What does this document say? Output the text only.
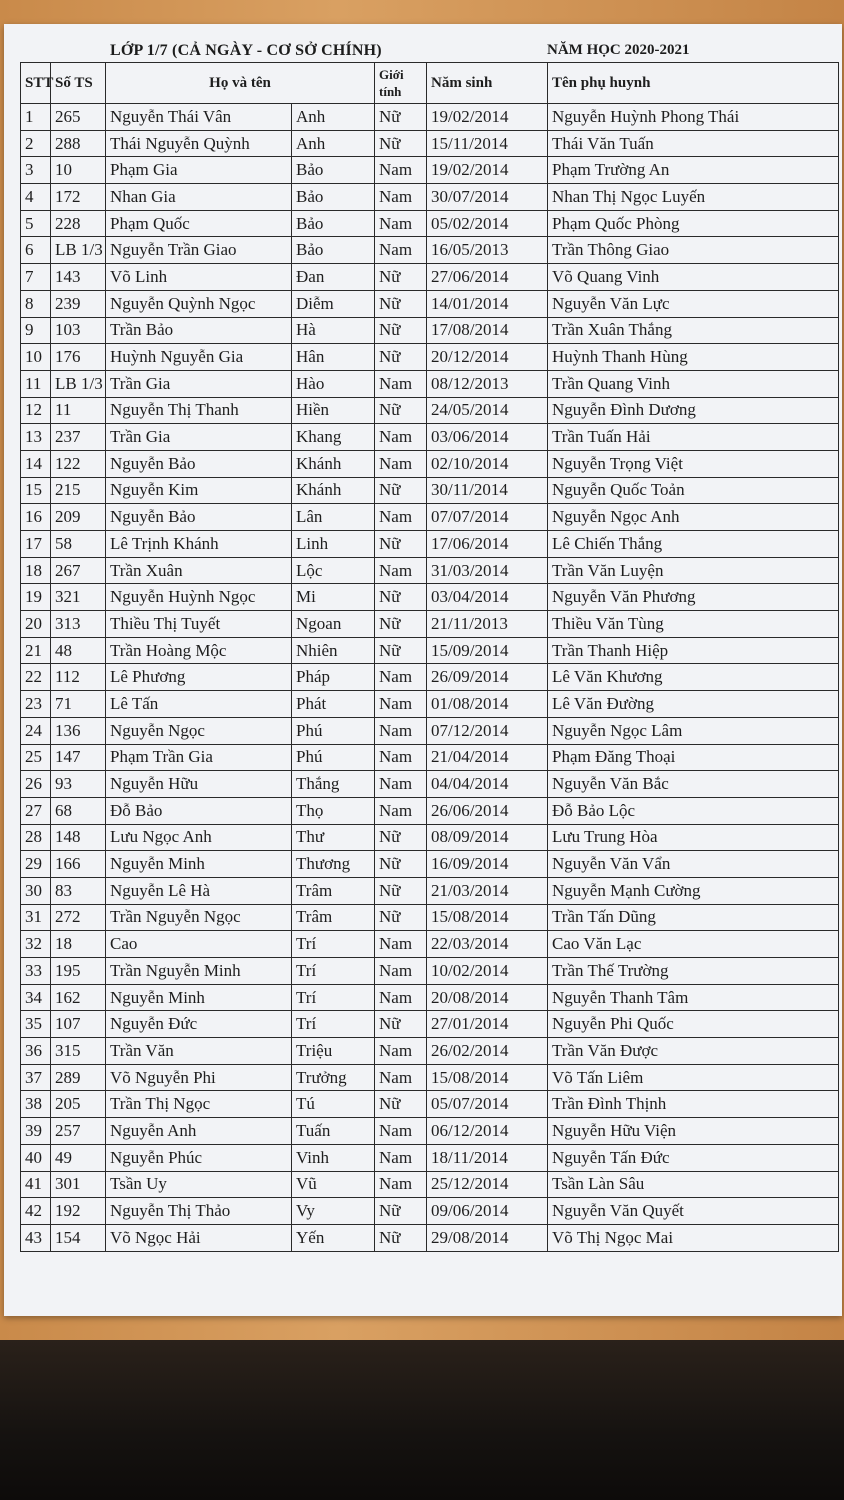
LỚP 1/7 (CẢ NGÀY - CƠ SỞ CHÍNH)	NĂM HỌC 2020-2021
STT	Số TS	Họ và tên		Giới tính	Năm sinh	Tên phụ huynh
1	265	Nguyễn Thái Vân	Anh	Nữ	19/02/2014	Nguyễn Huỳnh Phong Thái
2	288	Thái Nguyễn Quỳnh	Anh	Nữ	15/11/2014	Thái Văn Tuấn
3	10	Phạm Gia	Bảo	Nam	19/02/2014	Phạm Trường An
4	172	Nhan Gia	Bảo	Nam	30/07/2014	Nhan Thị Ngọc Luyến
5	228	Phạm Quốc	Bảo	Nam	05/02/2014	Phạm Quốc Phòng
6	LB 1/3	Nguyễn Trần Giao	Bảo	Nam	16/05/2013	Trần Thông Giao
7	143	Võ Linh	Đan	Nữ	27/06/2014	Võ Quang Vinh
8	239	Nguyễn Quỳnh Ngọc	Diễm	Nữ	14/01/2014	Nguyễn Văn Lực
9	103	Trần Bảo	Hà	Nữ	17/08/2014	Trần Xuân Thắng
10	176	Huỳnh Nguyễn Gia	Hân	Nữ	20/12/2014	Huỳnh Thanh Hùng
11	LB 1/3	Trần Gia	Hào	Nam	08/12/2013	Trần Quang Vinh
12	11	Nguyễn Thị Thanh	Hiền	Nữ	24/05/2014	Nguyễn Đình Dương
13	237	Trần Gia	Khang	Nam	03/06/2014	Trần Tuấn Hải
14	122	Nguyễn Bảo	Khánh	Nam	02/10/2014	Nguyễn Trọng Việt
15	215	Nguyễn Kim	Khánh	Nữ	30/11/2014	Nguyễn Quốc Toản
16	209	Nguyễn Bảo	Lân	Nam	07/07/2014	Nguyễn Ngọc Anh
17	58	Lê Trịnh Khánh	Linh	Nữ	17/06/2014	Lê Chiến Thắng
18	267	Trần Xuân	Lộc	Nam	31/03/2014	Trần Văn Luyện
19	321	Nguyễn Huỳnh Ngọc	Mi	Nữ	03/04/2014	Nguyễn Văn Phương
20	313	Thiều Thị Tuyết	Ngoan	Nữ	21/11/2013	Thiều Văn Tùng
21	48	Trần Hoàng Mộc	Nhiên	Nữ	15/09/2014	Trần Thanh Hiệp
22	112	Lê Phương	Pháp	Nam	26/09/2014	Lê Văn Khương
23	71	Lê Tấn	Phát	Nam	01/08/2014	Lê Văn Đường
24	136	Nguyễn Ngọc	Phú	Nam	07/12/2014	Nguyễn Ngọc Lâm
25	147	Phạm Trần Gia	Phú	Nam	21/04/2014	Phạm Đăng Thoại
26	93	Nguyễn Hữu	Thắng	Nam	04/04/2014	Nguyễn Văn Bắc
27	68	Đỗ Bảo	Thọ	Nam	26/06/2014	Đỗ Bảo Lộc
28	148	Lưu Ngọc Anh	Thư	Nữ	08/09/2014	Lưu Trung Hòa
29	166	Nguyễn Minh	Thương	Nữ	16/09/2014	Nguyễn Văn Vẩn
30	83	Nguyễn Lê Hà	Trâm	Nữ	21/03/2014	Nguyễn Mạnh Cường
31	272	Trần Nguyễn Ngọc	Trâm	Nữ	15/08/2014	Trần Tấn Dũng
32	18	Cao	Trí	Nam	22/03/2014	Cao Văn Lạc
33	195	Trần Nguyễn Minh	Trí	Nam	10/02/2014	Trần Thế Trường
34	162	Nguyễn Minh	Trí	Nam	20/08/2014	Nguyễn Thanh Tâm
35	107	Nguyễn Đức	Trí	Nữ	27/01/2014	Nguyễn Phi Quốc
36	315	Trần Văn	Triệu	Nam	26/02/2014	Trần Văn Được
37	289	Võ Nguyễn Phi	Trưởng	Nam	15/08/2014	Võ Tấn Liêm
38	205	Trần Thị Ngọc	Tú	Nữ	05/07/2014	Trần Đình Thịnh
39	257	Nguyễn Anh	Tuấn	Nam	06/12/2014	Nguyễn Hữu Viện
40	49	Nguyễn Phúc	Vinh	Nam	18/11/2014	Nguyễn Tấn Đức
41	301	Tsần Uy	Vũ	Nam	25/12/2014	Tsần Làn Sâu
42	192	Nguyễn Thị Thảo	Vy	Nữ	09/06/2014	Nguyễn Văn Quyết
43	154	Võ Ngọc Hải	Yến	Nữ	29/08/2014	Võ Thị Ngọc Mai
